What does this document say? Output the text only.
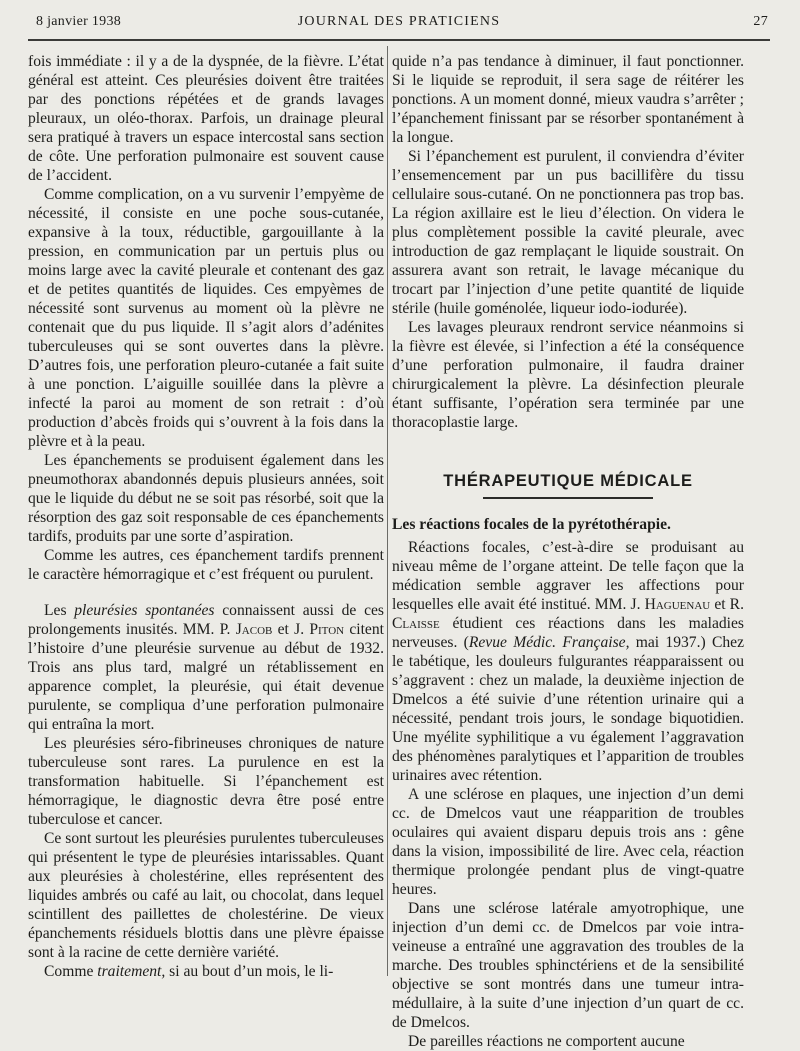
8 janvier 1938	JOURNAL DES PRATICIENS	27

fois immédiate : il y a de la dyspnée, de la fièvre. L’état général est atteint. Ces pleurésies doivent être traitées par des ponctions répétées et de grands lavages pleuraux, un oléo-thorax. Parfois, un drainage pleural sera pratiqué à travers un espace intercostal sans section de côte. Une perforation pulmonaire est souvent cause de l’accident.

Comme complication, on a vu survenir l’empyème de nécessité, il consiste en une poche sous-cutanée, expansive à la toux, réductible, gargouillante à la pression, en communication par un pertuis plus ou moins large avec la cavité pleurale et contenant des gaz et de petites quantités de liquides. Ces empyèmes de nécessité sont survenus au moment où la plèvre ne contenait que du pus liquide. Il s’agit alors d’adénites tuberculeuses qui se sont ouvertes dans la plèvre. D’autres fois, une perforation pleuro-cutanée a fait suite à une ponction. L’aiguille souillée dans la plèvre a infecté la paroi au moment de son retrait : d’où production d’abcès froids qui s’ouvrent à la fois dans la plèvre et à la peau.

Les épanchements se produisent également dans les pneumothorax abandonnés depuis plusieurs années, soit que le liquide du début ne se soit pas résorbé, soit que la résorption des gaz soit responsable de ces épanchements tardifs, produits par une sorte d’aspiration.

Comme les autres, ces épanchement tardifs prennent le caractère hémorragique et c’est fréquent ou purulent.

Les pleurésies spontanées connaissent aussi de ces prolongements inusités. MM. P. Jacob et J. Piton citent l’histoire d’une pleurésie survenue au début de 1932. Trois ans plus tard, malgré un rétablissement en apparence complet, la pleurésie, qui était devenue purulente, se compliqua d’une perforation pulmonaire qui entraîna la mort.

Les pleurésies séro-fibrineuses chroniques de nature tuberculeuse sont rares. La purulence en est la transformation habituelle. Si l’épanchement est hémorragique, le diagnostic devra être posé entre tuberculose et cancer.

Ce sont surtout les pleurésies purulentes tuberculeuses qui présentent le type de pleurésies intarissables. Quant aux pleurésies à cholestérine, elles représentent des liquides ambrés ou café au lait, ou chocolat, dans lequel scintillent des paillettes de cholestérine. De vieux épanchements résiduels blottis dans une plèvre épaisse sont à la racine de cette dernière variété.

Comme traitement, si au bout d’un mois, le li-

quide n’a pas tendance à diminuer, il faut ponctionner. Si le liquide se reproduit, il sera sage de réitérer les ponctions. A un moment donné, mieux vaudra s’arrêter ; l’épanchement finissant par se résorber spontanément à la longue.

Si l’épanchement est purulent, il conviendra d’éviter l’ensemencement par un pus bacillifère du tissu cellulaire sous-cutané. On ne ponctionnera pas trop bas. La région axillaire est le lieu d’élection. On videra le plus complètement possible la cavité pleurale, avec introduction de gaz remplaçant le liquide soustrait. On assurera avant son retrait, le lavage mécanique du trocart par l’injection d’une petite quantité de liquide stérile (huile goménolée, liqueur iodo-iodurée).

Les lavages pleuraux rendront service néanmoins si la fièvre est élevée, si l’infection a été la conséquence d’une perforation pulmonaire, il faudra drainer chirurgicalement la plèvre. La désinfection pleurale étant suffisante, l’opération sera terminée par une thoracoplastie large.

THÉRAPEUTIQUE MÉDICALE

Les réactions focales de la pyrétothérapie.

Réactions focales, c’est-à-dire se produisant au niveau même de l’organe atteint. De telle façon que la médication semble aggraver les affections pour lesquelles elle avait été institué. MM. J. Haguenau et R. Claisse étudient ces réactions dans les maladies nerveuses. (Revue Médic. Française, mai 1937.) Chez le tabétique, les douleurs fulgurantes réapparaissent ou s’aggravent : chez un malade, la deuxième injection de Dmelcos a été suivie d’une rétention urinaire qui a nécessité, pendant trois jours, le sondage biquotidien. Une myélite syphilitique a vu également l’aggravation des phénomènes paralytiques et l’apparition de troubles urinaires avec rétention.

A une sclérose en plaques, une injection d’un demi cc. de Dmelcos vaut une réapparition de troubles oculaires qui avaient disparu depuis trois ans : gêne dans la vision, impossibilité de lire. Avec cela, réaction thermique prolongée pendant plus de vingt-quatre heures.

Dans une sclérose latérale amyotrophique, une injection d’un demi cc. de Dmelcos par voie intra-veineuse a entraîné une aggravation des troubles de la marche. Des troubles sphinctériens et de la sensibilité objective se sont montrés dans une tumeur intra-médullaire, à la suite d’une injection d’un quart de cc. de Dmelcos.

De pareilles réactions ne comportent aucune
